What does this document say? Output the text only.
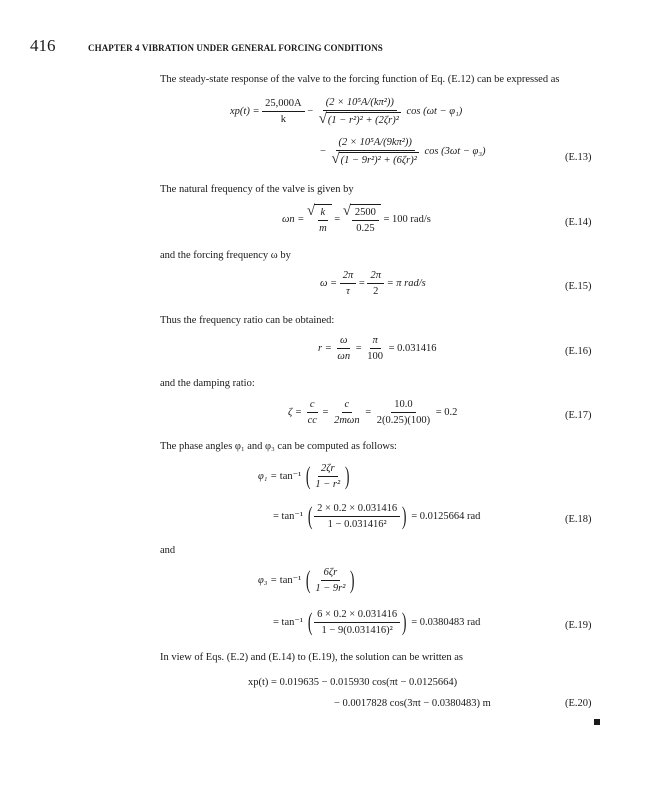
416	CHAPTER 4 VIBRATION UNDER GENERAL FORCING CONDITIONS
The steady-state response of the valve to the forcing function of Eq. (E.12) can be expressed as
$xp(t) = \frac{25,000A}{k} - \frac{\text{(2 × 10⁵A/(kπ²))}}{\text{√ (1 − r²)² + (2ζr)²}}$ cos (ωt − φ₁)
− $\frac{\text{(2 × 10⁵A/(9kπ²))}}{\text{√ (1 − 9r²)² + (6ζr)²}}$ cos (3ωt − φ₃)
(E.13)
The natural frequency of the valve is given by
ωn =
√ $\frac{k}{m}$ =
√ $\frac{2500}{0.25} = 100$ rad/s	(E.14)
and the forcing frequency ω by
$\omega = \frac{2\pi}{\tau} = \frac{2\pi}{2} = \pi$ rad/s	(E.15)
Thus the frequency ratio can be obtained:
$r = \frac{\omega}{\omega n} = \frac{\pi}{100} = 0.031416$	(E.16)
and the damping ratio:
$\zeta = \frac{c}{cc} = \frac{c}{\text{2mωn}} = \frac{10.0}{2(0.25)(100)} = 0.2$	(E.17)
The phase angles φ₁ and φ₃ can be computed as follows:
φ₁ = tan⁻¹ ( $\frac{2\zeta r}{\text{1 − r²}}$ )
= tan⁻¹ ( $\frac{2 \times 0.2 \times 0.031416}{\text{1 − 0.031416²}}$ ) = 0.0125664 rad	(E.18)
and
φ₃ = tan⁻¹ ( $\frac{6\zeta r}{\text{1 − 9r²}}$ )
= tan⁻¹ ( $\frac{6 \times 0.2 \times 0.031416}{\text{1 − 9(0.031416)²}}$ ) = 0.0380483 rad	(E.19)
In view of Eqs. (E.2) and (E.14) to (E.19), the solution can be written as
xp(t) = 0.019635 − 0.015930 cos(πt − 0.0125664)
− 0.0017828 cos(3πt − 0.0380483) m	(E.20)
